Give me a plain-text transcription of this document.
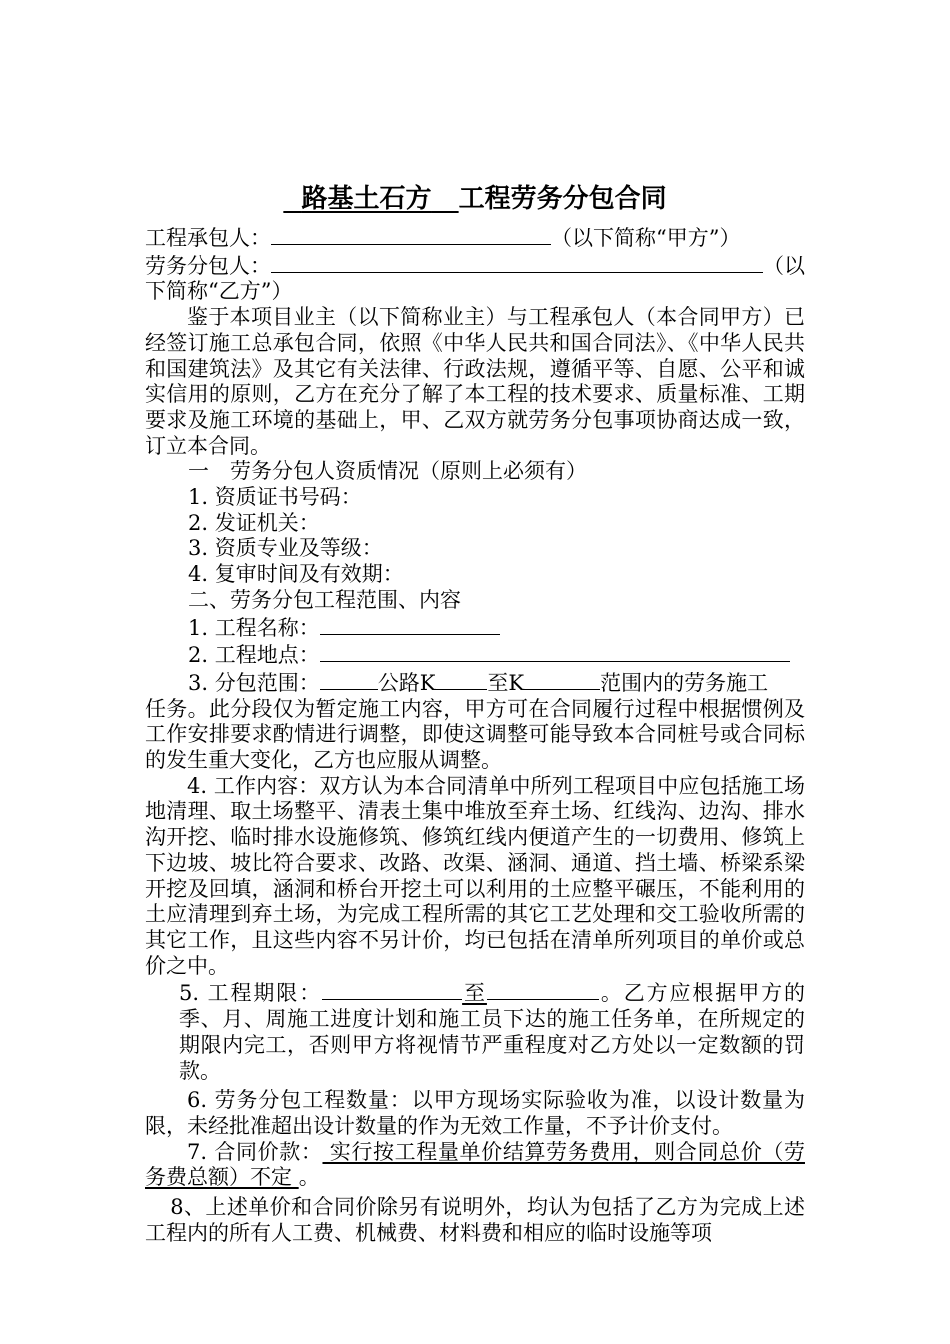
路基土石方 工程劳务分包合同

工程承包人：	（以下简称“甲方”）

劳务分包人：	（以

下简称“乙方”）

鉴于本项目业主（以下简称业主）与工程承包人（本合同甲方）已经签订施工总承包合同，依照《中华人民共和国合同法》、《中华人民共和国建筑法》及其它有关法律、行政法规，遵循平等、自愿、公平和诚实信用的原则，乙方在充分了解了本工程的技术要求、质量标准、工期要求及施工环境的基础上，甲、乙双方就劳务分包事项协商达成一致，订立本合同。

一　劳务分包人资质情况（原则上必须有）

1. 资质证书号码：

2. 发证机关：

3. 资质专业及等级：

4. 复审时间及有效期：

二、劳务分包工程范围、内容

1. 工程名称：

2. 工程地点：

3. 分包范围：	公路K 至K	范围内的劳务施工

任务。此分段仅为暂定施工内容，甲方可在合同履行过程中根据惯例及工作安排要求酌情进行调整，即使这调整可能导致本合同桩号或合同标的发生重大变化，乙方也应服从调整。

4. 工作内容：双方认为本合同清单中所列工程项目中应包括施工场地清理、取土场整平、清表土集中堆放至弃土场、红线沟、边沟、排水沟开挖、临时排水设施修筑、修筑红线内便道产生的一切费用、修筑上下边坡、坡比符合要求、改路、改渠、涵洞、通道、挡土墙、桥梁系梁开挖及回填，涵洞和桥台开挖土可以利用的土应整平碾压，不能利用的土应清理到弃土场，为完成工程所需的其它工艺处理和交工验收所需的其它工作，且这些内容不另计价，均已包括在清单所列项目的单价或总价之中。

5. 工程期限：	至	。乙方应根据甲方的季、月、周施工进度计划和施工员下达的施工任务单，在所规定的期限内完工，否则甲方将视情节严重程度对乙方处以一定数额的罚款。

6. 劳务分包工程数量：以甲方现场实际验收为准，以设计数量为限，未经批准超出设计数量的作为无效工作量，不予计价支付。

7. 合同价款： 实行按工程量单价结算劳务费用，则合同总价（劳务费总额）不定 。

8、上述单价和合同价除另有说明外，均认为包括了乙方为完成上述工程内的所有人工费、机械费、材料费和相应的临时设施等项
